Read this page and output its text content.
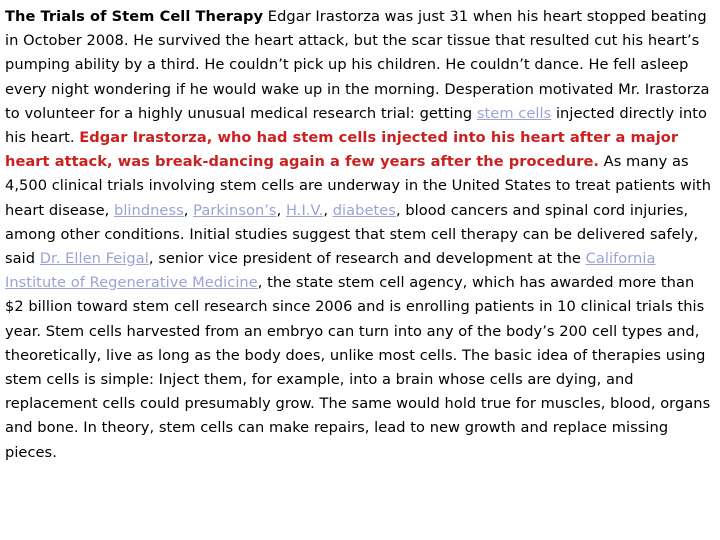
The Trials of Stem Cell Therapy Edgar Irastorza was just 31 when his heart stopped beating in October 2008. He survived the heart attack, but the scar tissue that resulted cut his heart’s pumping ability by a third. He couldn’t pick up his children. He couldn’t dance. He fell asleep every night wondering if he would wake up in the morning. Desperation motivated Mr. Irastorza to volunteer for a highly unusual medical research trial: getting stem cells injected directly into his heart. Edgar Irastorza, who had stem cells injected into his heart after a major heart attack, was break-dancing again a few years after the procedure. As many as 4,500 clinical trials involving stem cells are underway in the United States to treat patients with heart disease, blindness, Parkinson’s, H.I.V., diabetes, blood cancers and spinal cord injuries, among other conditions. Initial studies suggest that stem cell therapy can be delivered safely, said Dr. Ellen Feigal, senior vice president of research and development at the California Institute of Regenerative Medicine, the state stem cell agency, which has awarded more than $2 billion toward stem cell research since 2006 and is enrolling patients in 10 clinical trials this year. Stem cells harvested from an embryo can turn into any of the body’s 200 cell types and, theoretically, live as long as the body does, unlike most cells. The basic idea of therapies using stem cells is simple: Inject them, for example, into a brain whose cells are dying, and replacement cells could presumably grow. The same would hold true for muscles, blood, organs and bone. In theory, stem cells can make repairs, lead to new growth and replace missing pieces.
